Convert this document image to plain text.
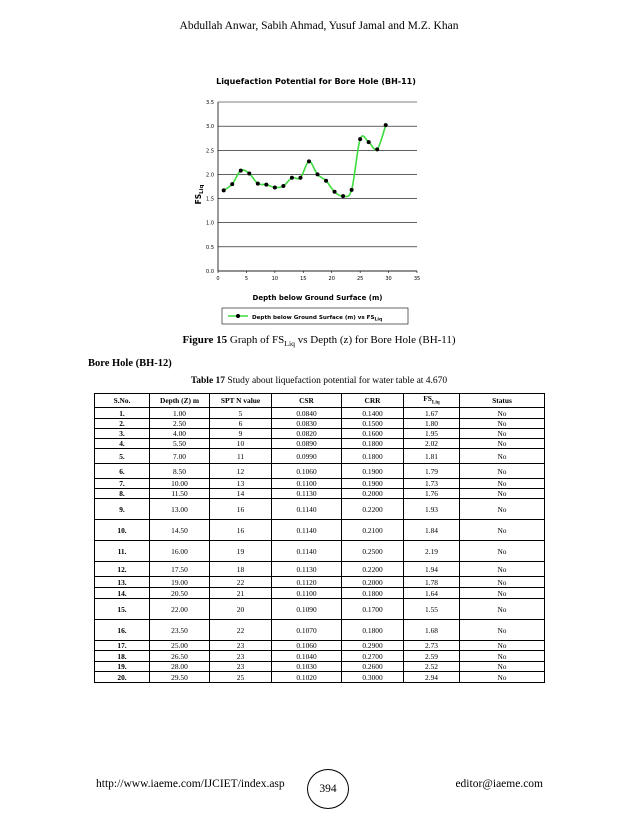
Abdullah Anwar, Sabih Ahmad, Yusuf Jamal and M.Z. Khan
Liquefaction Potential for Bore Hole (BH-11)
0.0
0.5
1.0
1.5
2.0
2.5
3.0
3.5
0	5	10	15	20	25	30	35
Depth below Ground Surface (m)
$FS_{Liq}$
Depth below Ground Surface (m) vs $FS_{Liq}$
Figure 15 Graph of $FS_{Liq}$ vs Depth (z) for Bore Hole (BH-11)
Bore Hole (BH-12)
Table 17 Study about liquefaction potential for water table at 4.670
S.No.	Depth (Z) m	SPT N value	CSR	CRR	$FS_{Liq}$	Status
1.	1.00	5	0.0840	0.1400	1.67	No
2.	2.50	6	0.0830	0.1500	1.80	No
3.	4.00	9	0.0820	0.1600	1.95	No
4.	5.50	10	0.0890	0.1800	2.02	No
5.	7.00	11	0.0990	0.1800	1.81	No
6.	8.50	12	0.1060	0.1900	1.79	No
7.	10.00	13	0.1100	0.1900	1.73	No
8.	11.50	14	0.1130	0.2000	1.76	No
9.	13.00	16	0.1140	0.2200	1.93	No
10.	14.50	16	0.1140	0.2100	1.84	No
11.	16.00	19	0.1140	0.2500	2.19	No
12.	17.50	18	0.1130	0.2200	1.94	No
13.	19.00	22	0.1120	0.2000	1.78	No
14.	20.50	21	0.1100	0.1800	1.64	No
15.	22.00	20	0.1090	0.1700	1.55	No
16.	23.50	22	0.1070	0.1800	1.68	No
17.	25.00	23	0.1060	0.2900	2.73	No
18.	26.50	23	0.1040	0.2700	2.59	No
19.	28.00	23	0.1030	0.2600	2.52	No
20.	29.50	25	0.1020	0.3000	2.94	No
http://www.iaeme.com/IJCIET/index.asp	394	editor@iaeme.com
